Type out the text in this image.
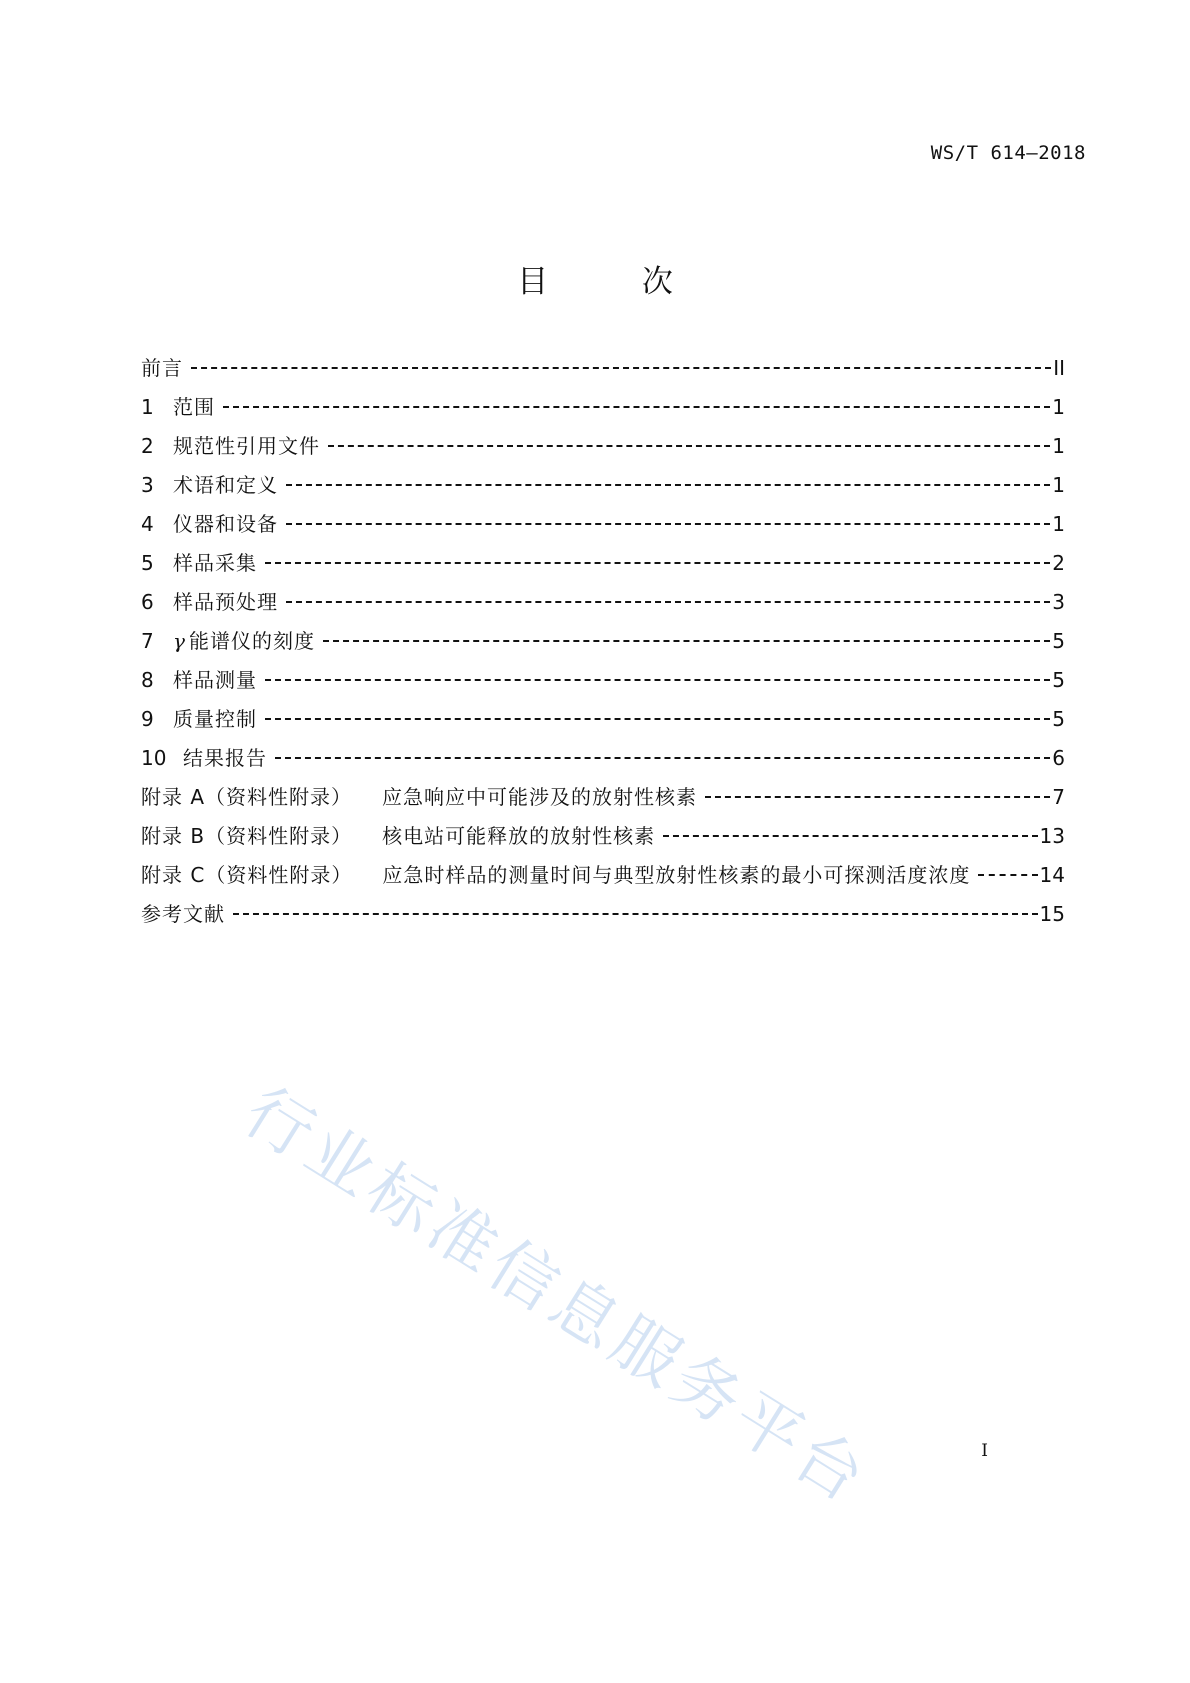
WS/T 614—2018
目 次
前言	II
1 范围	1
2 规范性引用文件	1
3 术语和定义	1
4 仪器和设备	1
5 样品采集	2
6 样品预处理	3
7 γ 能谱仪的刻度	5
8 样品测量	5
9 质量控制	5
10 结果报告	6
附录 A（资料性附录） 应急响应中可能涉及的放射性核素	7
附录 B（资料性附录） 核电站可能释放的放射性核素	13
附录 C（资料性附录） 应急时样品的测量时间与典型放射性核素的最小可探测活度浓度	14
参考文献	15
行业标准信息服务平台	I
